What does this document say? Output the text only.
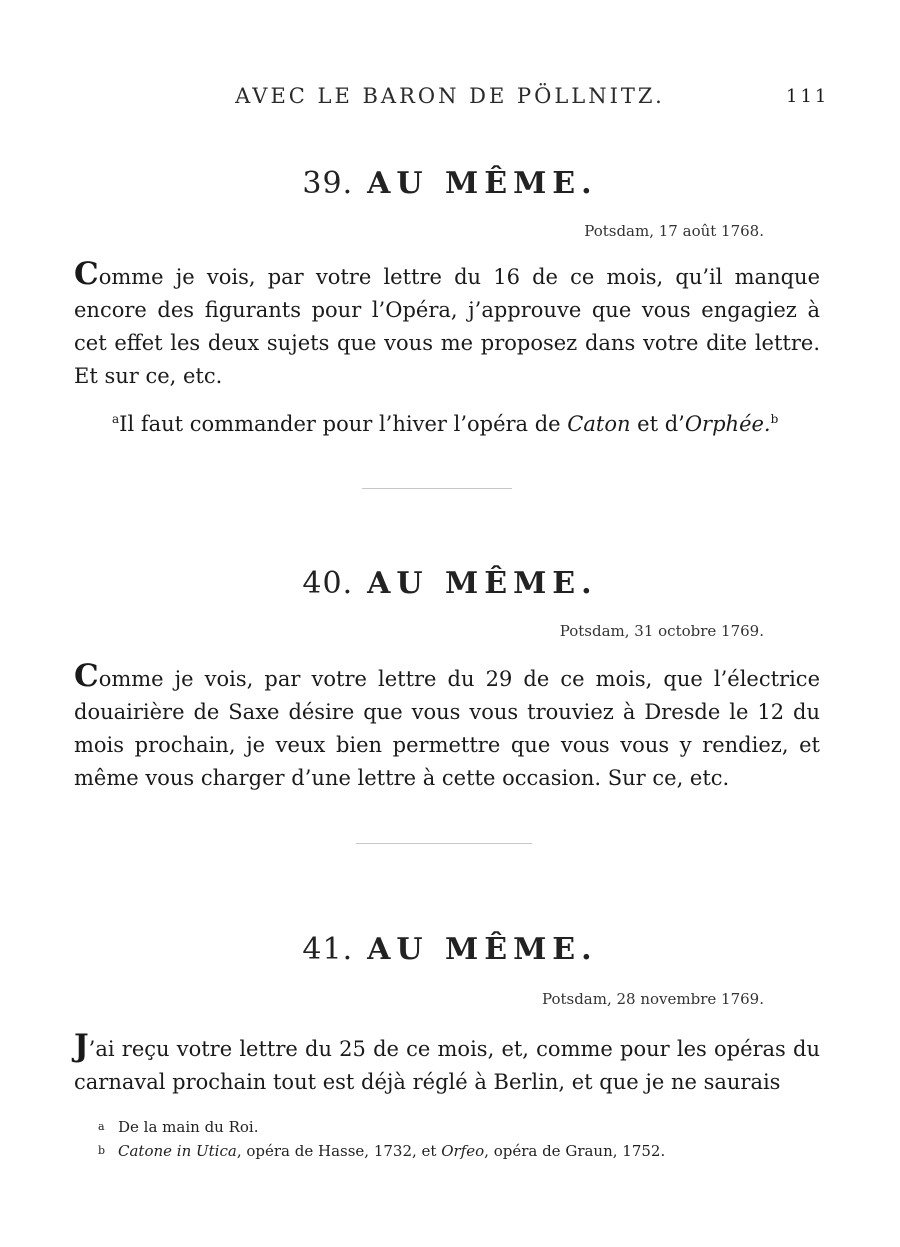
AVEC LE BARON DE PÖLLNITZ.	111
39. AU MÊME.
Potsdam, 17 août 1768.
Comme je vois, par votre lettre du 16 de ce mois, qu’il manque encore des figurants pour l’Opéra, j’approuve que vous engagiez à cet effet les deux sujets que vous me proposez dans votre dite lettre. Et sur ce, etc.
$^a$Il faut commander pour l’hiver l’opéra de Caton et d’Orphée.$^b$
40. AU MÊME.
Potsdam, 31 octobre 1769.
Comme je vois, par votre lettre du 29 de ce mois, que l’électrice douairière de Saxe désire que vous vous trouviez à Dresde le 12 du mois prochain, je veux bien permettre que vous vous y rendiez, et même vous charger d’une lettre à cette occasion. Sur ce, etc.
41. AU MÊME.
Potsdam, 28 novembre 1769.
J’ai reçu votre lettre du 25 de ce mois, et, comme pour les opéras du carnaval prochain tout est déjà réglé à Berlin, et que je ne saurais
a De la main du Roi.
b Catone in Utica, opéra de Hasse, 1732, et Orfeo, opéra de Graun, 1752.
